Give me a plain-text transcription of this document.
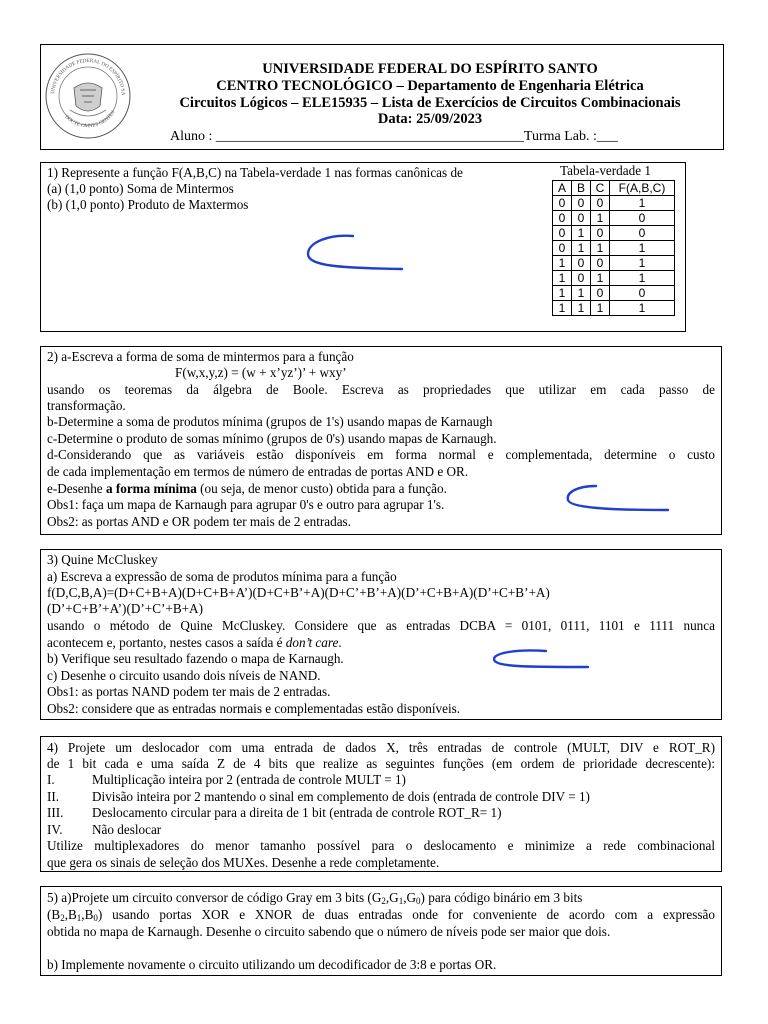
UNIVERSIDADE FEDERAL DO ESPÍRITO SA
DOCTE OMNES GENTES
UNIVERSIDADE FEDERAL DO ESPÍRITO SANTO
CENTRO TECNOLÓGICO – Departamento de Engenharia Elétrica
Circuitos Lógicos – ELE15935 – Lista de Exercícios de Circuitos Combinacionais
Data: 25/09/2023
Aluno : ____________________________________________Turma Lab. :___
1) Represente a função F(A,B,C) na Tabela-verdade 1 nas formas canônicas de
(a) (1,0 ponto) Soma de Mintermos
(b) (1,0 ponto) Produto de Maxtermos
Tabela-verdade 1
A	B	C	F(A,B,C)
0	0	0	1
0	0	1	0
0	1	0	0
0	1	1	1
1	0	0	1
1	0	1	1
1	1	0	0
1	1	1	1
2) a-Escreva a forma de soma de mintermos para a função
F(w,x,y,z) = (w + x’yz’)’ + wxy’
usando os teoremas da álgebra de Boole. Escreva as propriedades que utilizar em cada passo de
transformação.
b-Determine a soma de produtos mínima (grupos de 1's) usando mapas de Karnaugh
c-Determine o produto de somas mínimo (grupos de 0's) usando mapas de Karnaugh.
d-Considerando que as variáveis estão disponíveis em forma normal e complementada, determine o custo
de cada implementação em termos de número de entradas de portas AND e OR.
e-Desenhe a forma mínima (ou seja, de menor custo) obtida para a função.
Obs1: faça um mapa de Karnaugh para agrupar 0's e outro para agrupar 1's.
Obs2: as portas AND e OR podem ter mais de 2 entradas.
3) Quine McCluskey
a) Escreva a expressão de soma de produtos mínima para a função
f(D,C,B,A)=(D+C+B+A)(D+C+B+A’)(D+C+B’+A)(D+C’+B’+A)(D’+C+B+A)(D’+C+B’+A)
(D’+C+B’+A’)(D’+C’+B+A)
usando o método de Quine McCluskey. Considere que as entradas DCBA = 0101, 0111, 1101 e 1111 nunca
acontecem e, portanto, nestes casos a saída é don’t care.
b) Verifique seu resultado fazendo o mapa de Karnaugh.
c) Desenhe o circuito usando dois níveis de NAND.
Obs1: as portas NAND podem ter mais de 2 entradas.
Obs2: considere que as entradas normais e complementadas estão disponíveis.
4) Projete um deslocador com uma entrada de dados X, três entradas de controle (MULT, DIV e ROT_R)
de 1 bit cada e uma saída Z de 4 bits que realize as seguintes funções (em ordem de prioridade decrescente):
I.	Multiplicação inteira por 2 (entrada de controle MULT = 1)
II. Divisão inteira por 2 mantendo o sinal em complemento de dois (entrada de controle DIV = 1)
III. Deslocamento circular para a direita de 1 bit (entrada de controle ROT_R= 1)
IV. Não deslocar
Utilize multiplexadores do menor tamanho possível para o deslocamento e minimize a rede combinacional
que gera os sinais de seleção dos MUXes. Desenhe a rede completamente.
5) a)Projete um circuito conversor de código Gray em 3 bits $(G_2,G_1,G_0)$ para código binário em 3 bits
$(B_2,B_1,B_0)$ usando portas XOR e XNOR de duas entradas onde for conveniente de acordo com a expressão
obtida no mapa de Karnaugh. Desenhe o circuito sabendo que o número de níveis pode ser maior que dois.
b) Implemente novamente o circuito utilizando um decodificador de 3:8 e portas OR.
